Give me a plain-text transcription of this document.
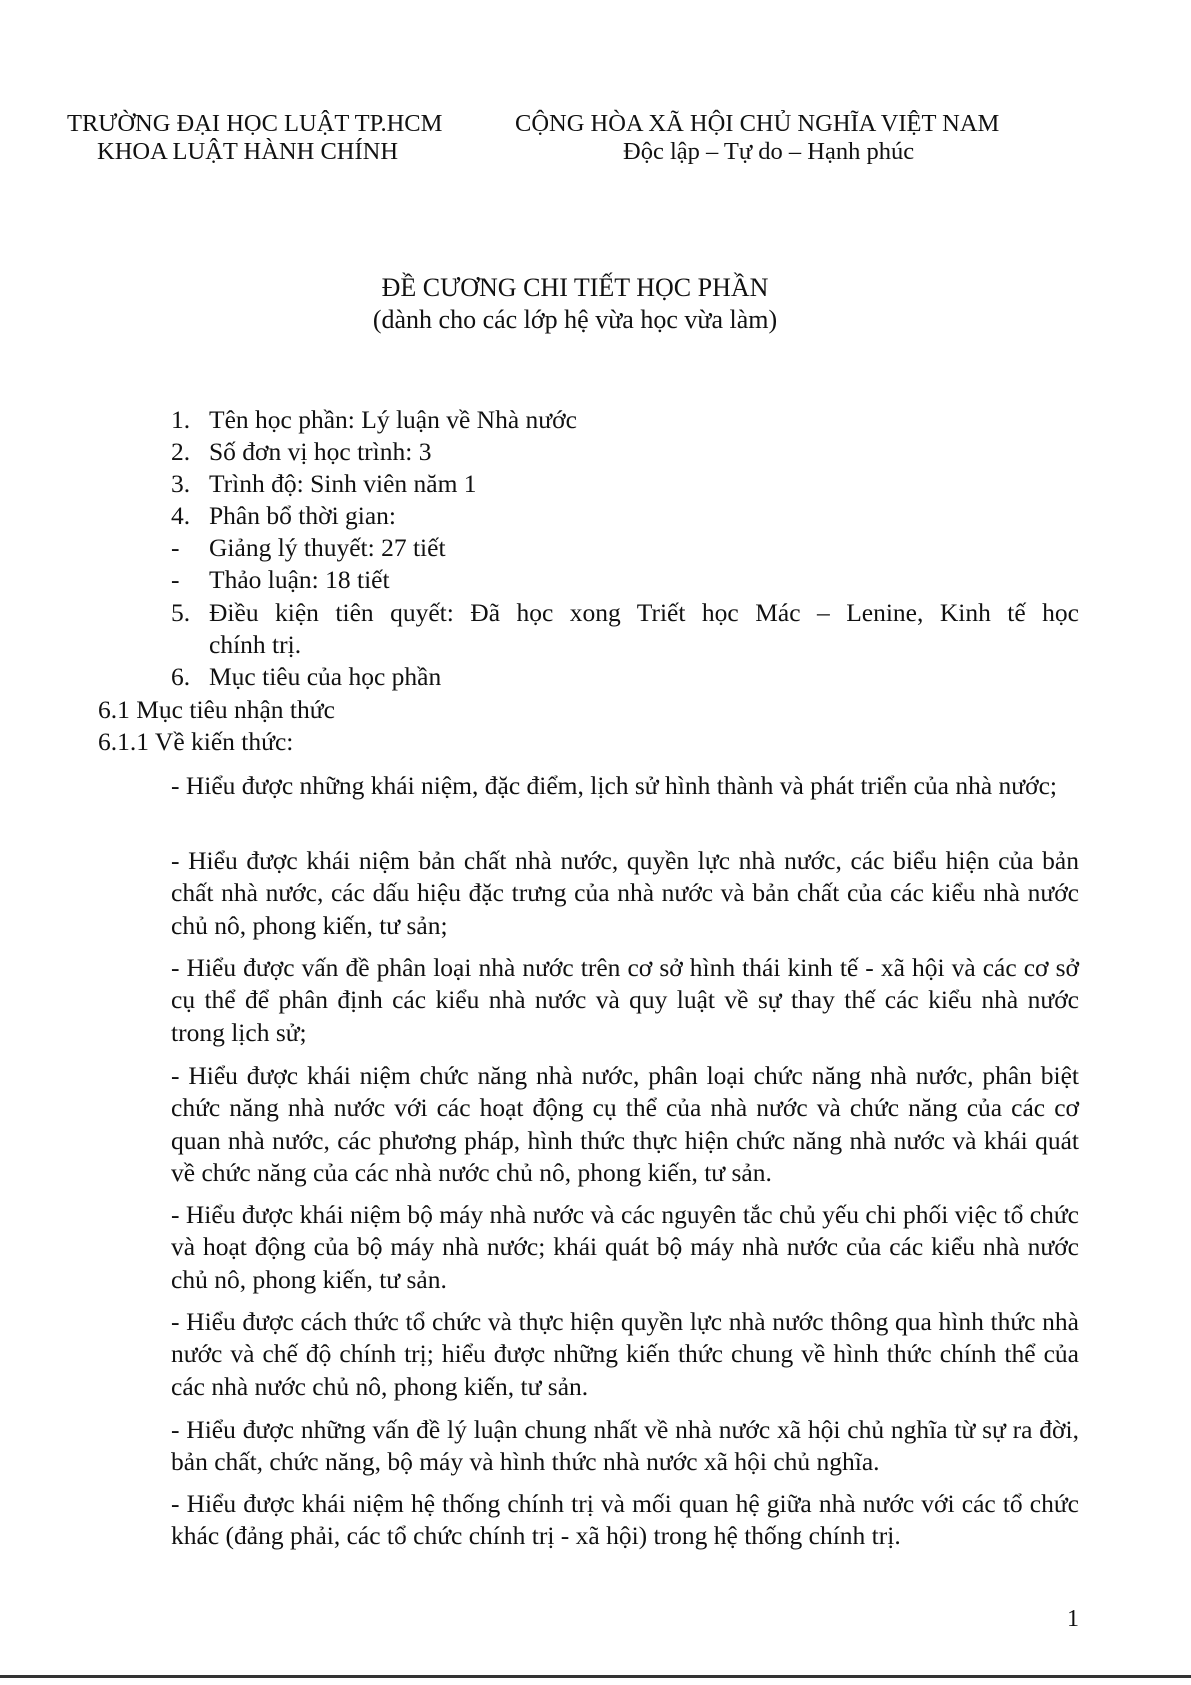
TRƯỜNG ĐẠI HỌC LUẬT TP.HCM
KHOA LUẬT HÀNH CHÍNH
CỘNG HÒA XÃ HỘI CHỦ NGHĨA VIỆT NAM
Độc lập – Tự do – Hạnh phúc
ĐỀ CƯƠNG CHI TIẾT HỌC PHẦN
(dành cho các lớp hệ vừa học vừa làm)
1. Tên học phần: Lý luận về Nhà nước
2. Số đơn vị học trình: 3
3. Trình độ: Sinh viên năm 1
4. Phân bổ thời gian:
- Giảng lý thuyết: 27 tiết
- Thảo luận: 18 tiết
5. Điều kiện tiên quyết: Đã học xong Triết học Mác – Lenine, Kinh tế học
chính trị.
6. Mục tiêu của học phần
6.1 Mục tiêu nhận thức
6.1.1 Về kiến thức:

- Hiểu được những khái niệm, đặc điểm, lịch sử hình thành và phát triển của nhà nước;

- Hiểu được khái niệm bản chất nhà nước, quyền lực nhà nước, các biểu hiện của bản chất nhà nước, các dấu hiệu đặc trưng của nhà nước và bản chất của các kiểu nhà nước chủ nô, phong kiến, tư sản;

- Hiểu được vấn đề phân loại nhà nước trên cơ sở hình thái kinh tế - xã hội và các cơ sở cụ thể để phân định các kiểu nhà nước và quy luật về sự thay thế các kiểu nhà nước trong lịch sử;

- Hiểu được khái niệm chức năng nhà nước, phân loại chức năng nhà nước, phân biệt chức năng nhà nước với các hoạt động cụ thể của nhà nước và chức năng của các cơ quan nhà nước, các phương pháp, hình thức thực hiện chức năng nhà nước và khái quát về chức năng của các nhà nước chủ nô, phong kiến, tư sản.

- Hiểu được khái niệm bộ máy nhà nước và các nguyên tắc chủ yếu chi phối việc tổ chức và hoạt động của bộ máy nhà nước; khái quát bộ máy nhà nước của các kiểu nhà nước chủ nô, phong kiến, tư sản.

- Hiểu được cách thức tổ chức và thực hiện quyền lực nhà nước thông qua hình thức nhà nước và chế độ chính trị; hiểu được những kiến thức chung về hình thức chính thể của các nhà nước chủ nô, phong kiến, tư sản.

- Hiểu được những vấn đề lý luận chung nhất về nhà nước xã hội chủ nghĩa từ sự ra đời, bản chất, chức năng, bộ máy và hình thức nhà nước xã hội chủ nghĩa.

- Hiểu được khái niệm hệ thống chính trị và mối quan hệ giữa nhà nước với các tổ chức khác (đảng phải, các tổ chức chính trị - xã hội) trong hệ thống chính trị.

1
